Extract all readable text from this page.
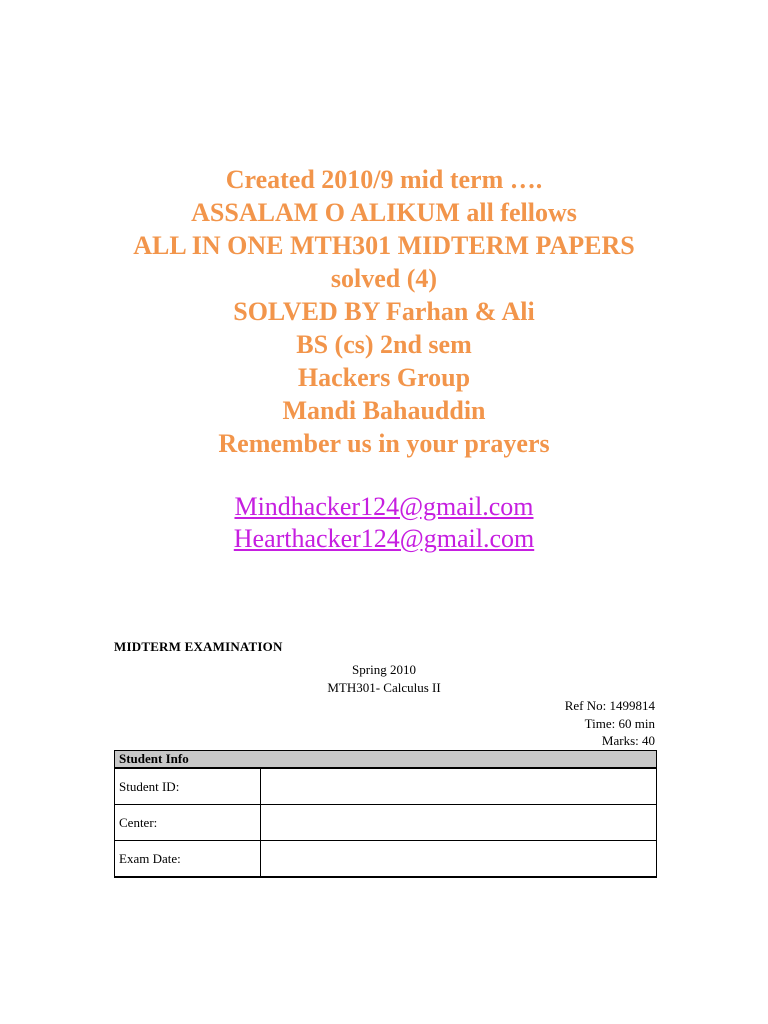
Created 2010/9 mid term ….
ASSALAM O ALIKUM all fellows
ALL IN ONE MTH301 MIDTERM PAPERS
solved (4)
SOLVED BY Farhan & Ali
BS (cs) 2nd sem
Hackers Group
Mandi Bahauddin
Remember us in your prayers
Mindhacker124@gmail.com
Hearthacker124@gmail.com
MIDTERM EXAMINATION
Spring 2010
MTH301- Calculus II
Ref No: 1499814
Time: 60 min
Marks: 40
Student Info	
Student ID:	
Center:	
Exam Date:	
